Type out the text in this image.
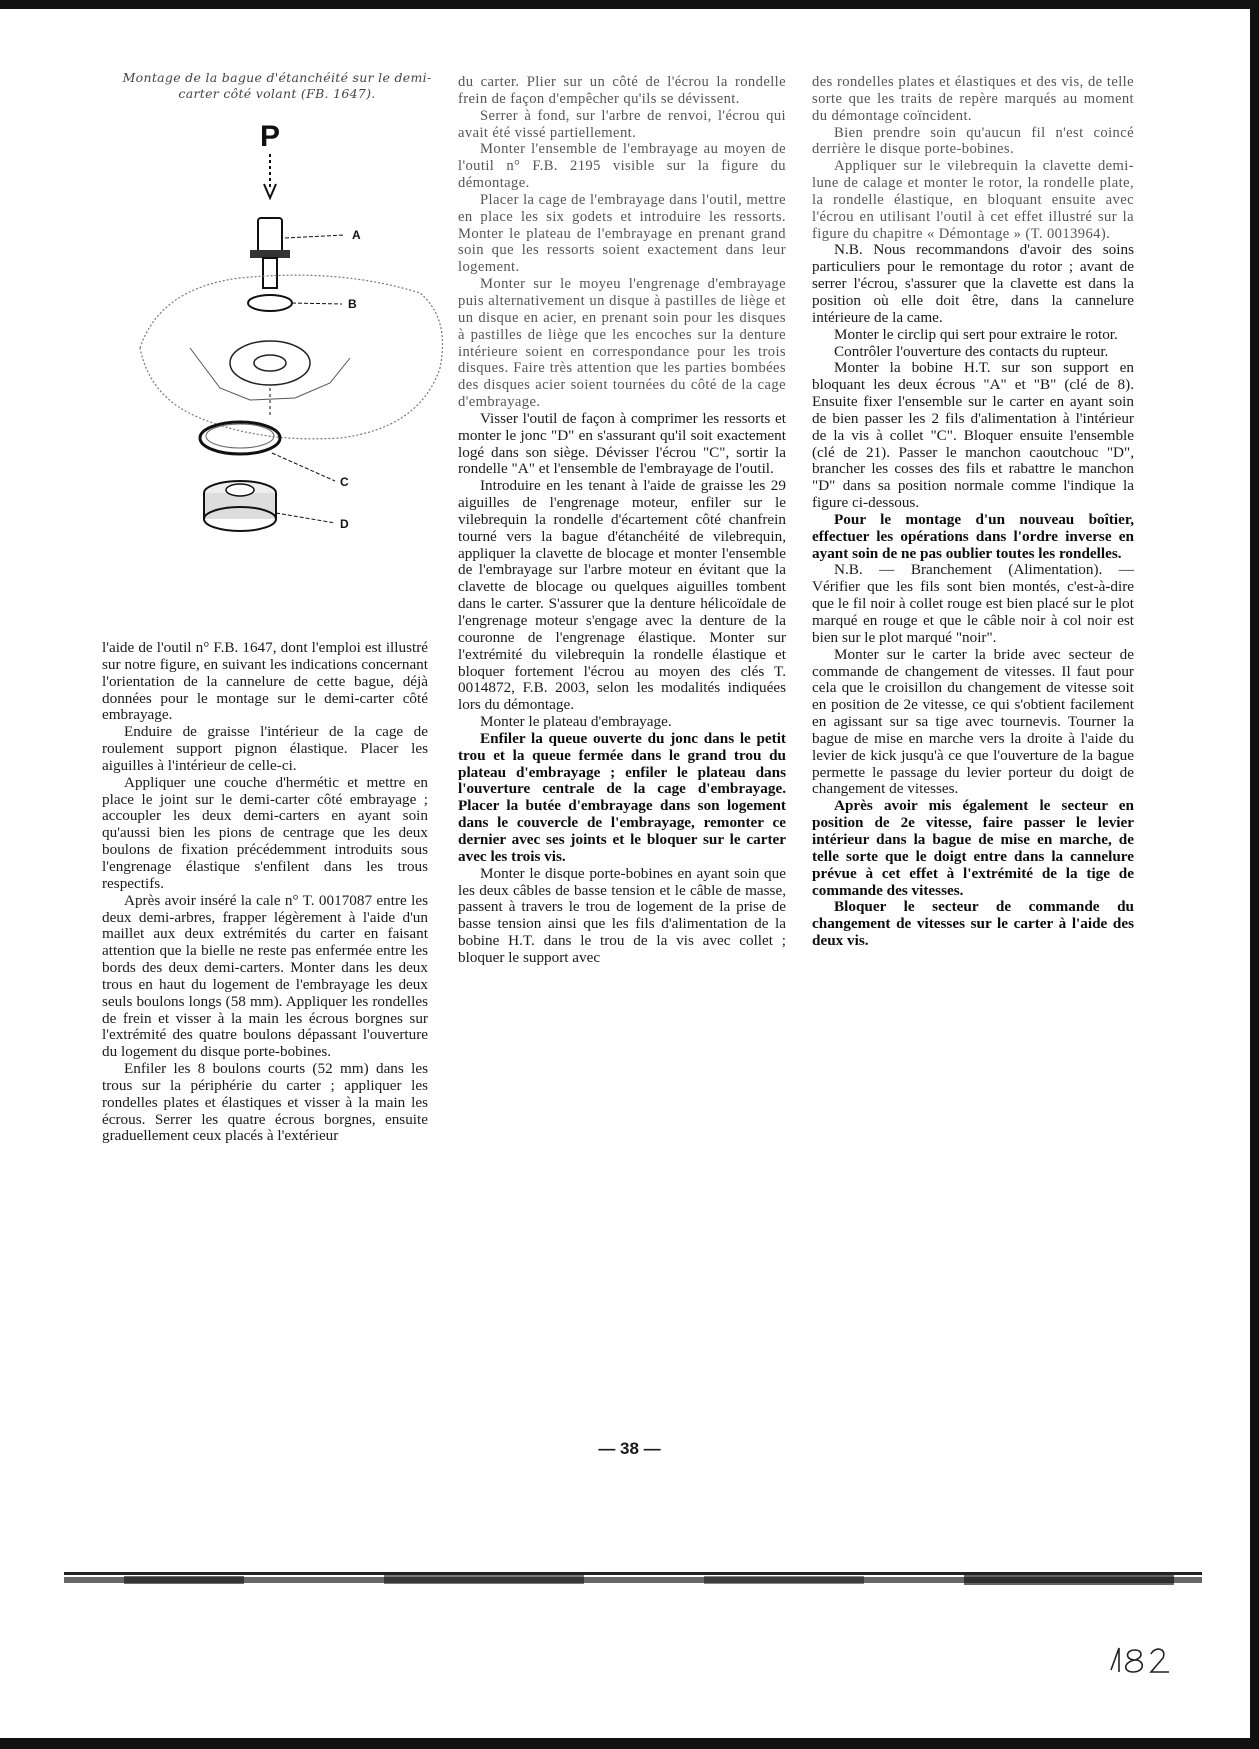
Montage de la bague d'étanchéité sur le demi-carter côté volant (FB. 1647).
P
A
B
C
D

l'aide de l'outil n° F.B. 1647, dont l'emploi est illustré sur notre figure, en suivant les indications concernant l'orientation de la cannelure de cette bague, déjà données pour le montage sur le demi-carter côté embrayage.

Enduire de graisse l'intérieur de la cage de roulement support pignon élastique. Placer les aiguilles à l'intérieur de celle-ci.

Appliquer une couche d'hermétic et mettre en place le joint sur le demi-carter côté embrayage ; accoupler les deux demi-carters en ayant soin qu'aussi bien les pions de centrage que les deux boulons de fixation précédemment introduits sous l'engrenage élastique s'enfilent dans les trous respectifs.

Après avoir inséré la cale n° T. 0017087 entre les deux demi-arbres, frapper légèrement à l'aide d'un maillet aux deux extrémités du carter en faisant attention que la bielle ne reste pas enfermée entre les bords des deux demi-carters. Monter dans les deux trous en haut du logement de l'embrayage les deux seuls boulons longs (58 mm). Appliquer les rondelles de frein et visser à la main les écrous borgnes sur l'extrémité des quatre boulons dépassant l'ouverture du logement du disque porte-bobines.

Enfiler les 8 boulons courts (52 mm) dans les trous sur la périphérie du carter ; appliquer les rondelles plates et élastiques et visser à la main les écrous. Serrer les quatre écrous borgnes, ensuite graduellement ceux placés à l'extérieur

du carter. Plier sur un côté de l'écrou la rondelle frein de façon d'empêcher qu'ils se dévissent.

Serrer à fond, sur l'arbre de renvoi, l'écrou qui avait été vissé partiellement.

Monter l'ensemble de l'embrayage au moyen de l'outil n° F.B. 2195 visible sur la figure du démontage.

Placer la cage de l'embrayage dans l'outil, mettre en place les six godets et introduire les ressorts. Monter le plateau de l'embrayage en prenant grand soin que les ressorts soient exactement dans leur logement.

Monter sur le moyeu l'engrenage d'embrayage puis alternativement un disque à pastilles de liège et un disque en acier, en prenant soin pour les disques à pastilles de liège que les encoches sur la denture intérieure soient en correspondance pour les trois disques. Faire très attention que les parties bombées des disques acier soient tournées du côté de la cage d'embrayage.

Visser l'outil de façon à comprimer les ressorts et monter le jonc "D" en s'assurant qu'il soit exactement logé dans son siège. Dévisser l'écrou "C", sortir la rondelle "A" et l'ensemble de l'embrayage de l'outil.

Introduire en les tenant à l'aide de graisse les 29 aiguilles de l'engrenage moteur, enfiler sur le vilebrequin la rondelle d'écartement côté chanfrein tourné vers la bague d'étanchéité de vilebrequin, appliquer la clavette de blocage et monter l'ensemble de l'embrayage sur l'arbre moteur en évitant que la clavette de blocage ou quelques aiguilles tombent dans le carter. S'assurer que la denture hélicoïdale de l'engrenage moteur s'engage avec la denture de la couronne de l'engrenage élastique. Monter sur l'extrémité du vilebrequin la rondelle élastique et bloquer fortement l'écrou au moyen des clés T. 0014872, F.B. 2003, selon les modalités indiquées lors du démontage.

Monter le plateau d'embrayage.

Enfiler la queue ouverte du jonc dans le petit trou et la queue fermée dans le grand trou du plateau d'embrayage ; enfiler le plateau dans l'ouverture centrale de la cage d'embrayage. Placer la butée d'embrayage dans son logement dans le couvercle de l'embrayage, remonter ce dernier avec ses joints et le bloquer sur le carter avec les trois vis.

Monter le disque porte-bobines en ayant soin que les deux câbles de basse tension et le câble de masse, passent à travers le trou de logement de la prise de basse tension ainsi que les fils d'alimentation de la bobine H.T. dans le trou de la vis avec collet ; bloquer le support avec

des rondelles plates et élastiques et des vis, de telle sorte que les traits de repère marqués au moment du démontage coïncident.

Bien prendre soin qu'aucun fil n'est coincé derrière le disque porte-bobines.

Appliquer sur le vilebrequin la clavette demi-lune de calage et monter le rotor, la rondelle plate, la rondelle élastique, en bloquant ensuite avec l'écrou en utilisant l'outil à cet effet illustré sur la figure du chapitre « Démontage » (T. 0013964).

N.B. Nous recommandons d'avoir des soins particuliers pour le remontage du rotor ; avant de serrer l'écrou, s'assurer que la clavette est dans la position où elle doit être, dans la cannelure intérieure de la came.

Monter le circlip qui sert pour extraire le rotor.

Contrôler l'ouverture des contacts du rupteur.

Monter la bobine H.T. sur son support en bloquant les deux écrous "A" et "B" (clé de 8). Ensuite fixer l'ensemble sur le carter en ayant soin de bien passer les 2 fils d'alimentation à l'intérieur de la vis à collet "C". Bloquer ensuite l'ensemble (clé de 21). Passer le manchon caoutchouc "D", brancher les cosses des fils et rabattre le manchon "D" dans sa position normale comme l'indique la figure ci-dessous.

Pour le montage d'un nouveau boîtier, effectuer les opérations dans l'ordre inverse en ayant soin de ne pas oublier toutes les rondelles.

N.B. — Branchement (Alimentation). — Vérifier que les fils sont bien montés, c'est-à-dire que le fil noir à collet rouge est bien placé sur le plot marqué en rouge et que le câble noir à col noir est bien sur le plot marqué "noir".

Monter sur le carter la bride avec secteur de commande de changement de vitesses. Il faut pour cela que le croisillon du changement de vitesse soit en position de 2e vitesse, ce qui s'obtient facilement en agissant sur sa tige avec tournevis. Tourner la bague de mise en marche vers la droite à l'aide du levier de kick jusqu'à ce que l'ouverture de la bague permette le passage du levier porteur du doigt de changement de vitesses.

Après avoir mis également le secteur en position de 2e vitesse, faire passer le levier intérieur dans la bague de mise en marche, de telle sorte que le doigt entre dans la cannelure prévue à cet effet à l'extrémité de la tige de commande des vitesses.

Bloquer le secteur de commande du changement de vitesses sur le carter à l'aide des deux vis.

— 38 —
